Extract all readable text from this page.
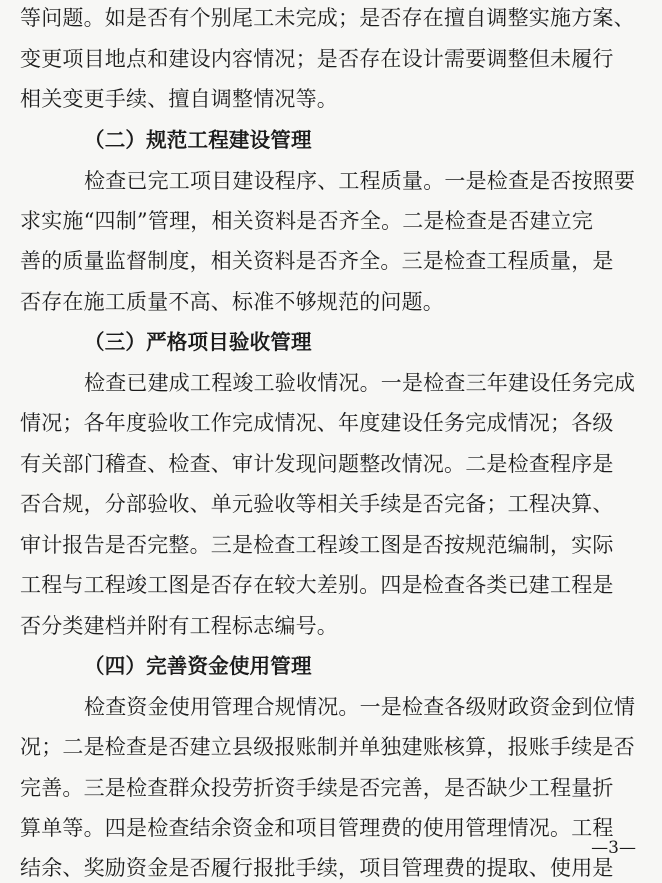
等问题。如是否有个别尾工未完成；是否存在擅自调整实施方案、
变更项目地点和建设内容情况；是否存在设计需要调整但未履行
相关变更手续、擅自调整情况等。
（二）规范工程建设管理
检查已完工项目建设程序、工程质量。一是检查是否按照要
求实施“四制”管理，相关资料是否齐全。二是检查是否建立完
善的质量监督制度，相关资料是否齐全。三是检查工程质量，是
否存在施工质量不高、标准不够规范的问题。
（三）严格项目验收管理
检查已建成工程竣工验收情况。一是检查三年建设任务完成
情况；各年度验收工作完成情况、年度建设任务完成情况；各级
有关部门稽查、检查、审计发现问题整改情况。二是检查程序是
否合规，分部验收、单元验收等相关手续是否完备；工程决算、
审计报告是否完整。三是检查工程竣工图是否按规范编制，实际
工程与工程竣工图是否存在较大差别。四是检查各类已建工程是
否分类建档并附有工程标志编号。
（四）完善资金使用管理
检查资金使用管理合规情况。一是检查各级财政资金到位情
况；二是检查是否建立县级报账制并单独建账核算，报账手续是否
完善。三是检查群众投劳折资手续是否完善，是否缺少工程量折
算单等。四是检查结余资金和项目管理费的使用管理情况。工程
结余、奖励资金是否履行报批手续，项目管理费的提取、使用是
—3—
